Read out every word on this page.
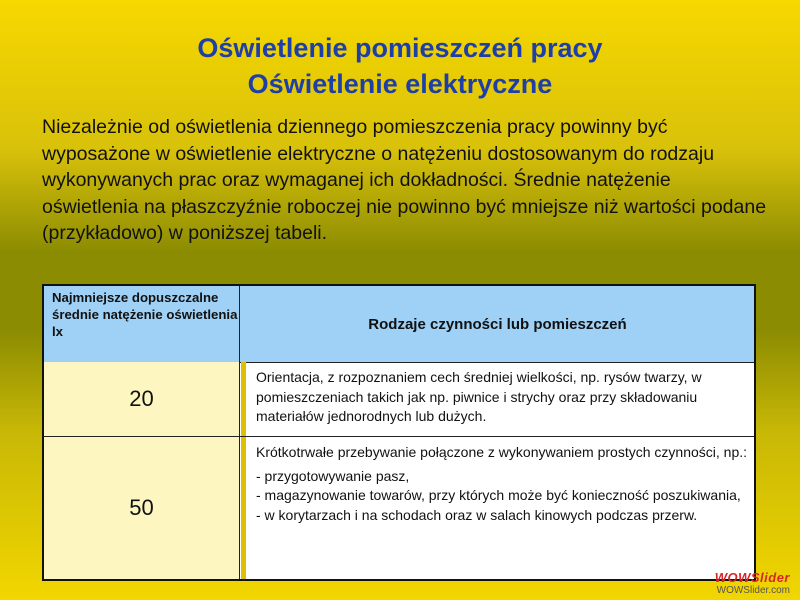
Oświetlenie pomieszczeń pracy
Oświetlenie elektryczne

Niezależnie od oświetlenia dziennego pomieszczenia pracy powinny być wyposażone w oświetlenie elektryczne o natężeniu dostosowanym do rodzaju wykonywanych prac oraz wymaganej ich dokładności. Średnie natężenie oświetlenia na płaszczyźnie roboczej nie powinno być mniejsze niż wartości podane (przykładowo) w poniższej tabeli.

Najmniejsze dopuszczalne średnie natężenie oświetlenia lx	Rodzaje czynności lub pomieszczeń
20
Orientacja, z rozpoznaniem cech średniej wielkości, np. rysów twarzy, w pomieszczeniach takich jak np. piwnice i strychy oraz przy składowaniu materiałów jednorodnych lub dużych.
50
Krótkotrwałe przebywanie połączone z wykonywaniem prostych czynności, np.:
- przygotowywanie pasz,
- magazynowanie towarów, przy których może być konieczność poszukiwania,
- w korytarzach i na schodach oraz w salach kinowych podczas przerw.
WOWSlider
WOWSlider.com
